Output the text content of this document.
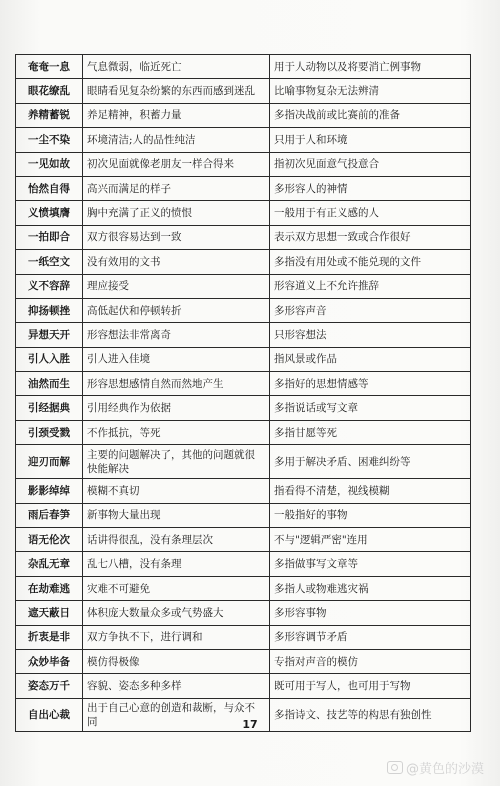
奄奄一息	气息微弱，临近死亡	用于人动物以及将要消亡例事物
眼花缭乱	眼睛看见复杂纷繁的东西而感到迷乱	比喻事物复杂无法辨清
养精蓄锐	养足精神，积蓄力量	多指决战前或比赛前的准备
一尘不染	环境清洁;人的品性纯洁	只用于人和环境
一见如故	初次见面就像老朋友一样合得来	指初次见面意气投意合
怡然自得	高兴而满足的样子	多形容人的神情
义愤填膺	胸中充满了正义的愤恨	一般用于有正义感的人
一拍即合	双方很容易达到一致	表示双方思想一致或合作很好
一纸空文	没有效用的文书	多指没有用处或不能兑现的文件
义不容辞	理应接受	形容道义上不允许推辞
抑扬顿挫	高低起伏和停顿转折	多形容声音
异想天开	形容想法非常离奇	只形容想法
引人入胜	引人进入佳境	指风景或作品
油然而生	形容思想感情自然而然地产生	多指好的思想情感等
引经据典	引用经典作为依据	多指说话或写文章
引颈受戮	不作抵抗，等死	多指甘愿等死
迎刃而解	主要的问题解决了，其他的问题就很快能解决	多用于解决矛盾、困难纠纷等
影影绰绰	模糊不真切	指看得不清楚，视线模糊
雨后春笋	新事物大量出现	一般指好的事物
语无伦次	话讲得很乱，没有条理层次	不与"逻辑严密"连用
杂乱无章	乱七八槽，没有条理	多指做事写文章等
在劫难逃	灾难不可避免	多指人或物难逃灾祸
遮天蔽日	体积庞大数量众多或气势盛大	多形容事物
折衷是非	双方争执不下，进行调和	多形容调节矛盾
众妙毕备	模仿得极像	专指对声音的模仿
姿态万千	容貌、姿态多种多样	既可用于写人，也可用于写物
自出心裁	出于自己心意的创造和裁断，与众不同	多指诗文、技艺等的构思有独创性
17
@黄色的沙漠
